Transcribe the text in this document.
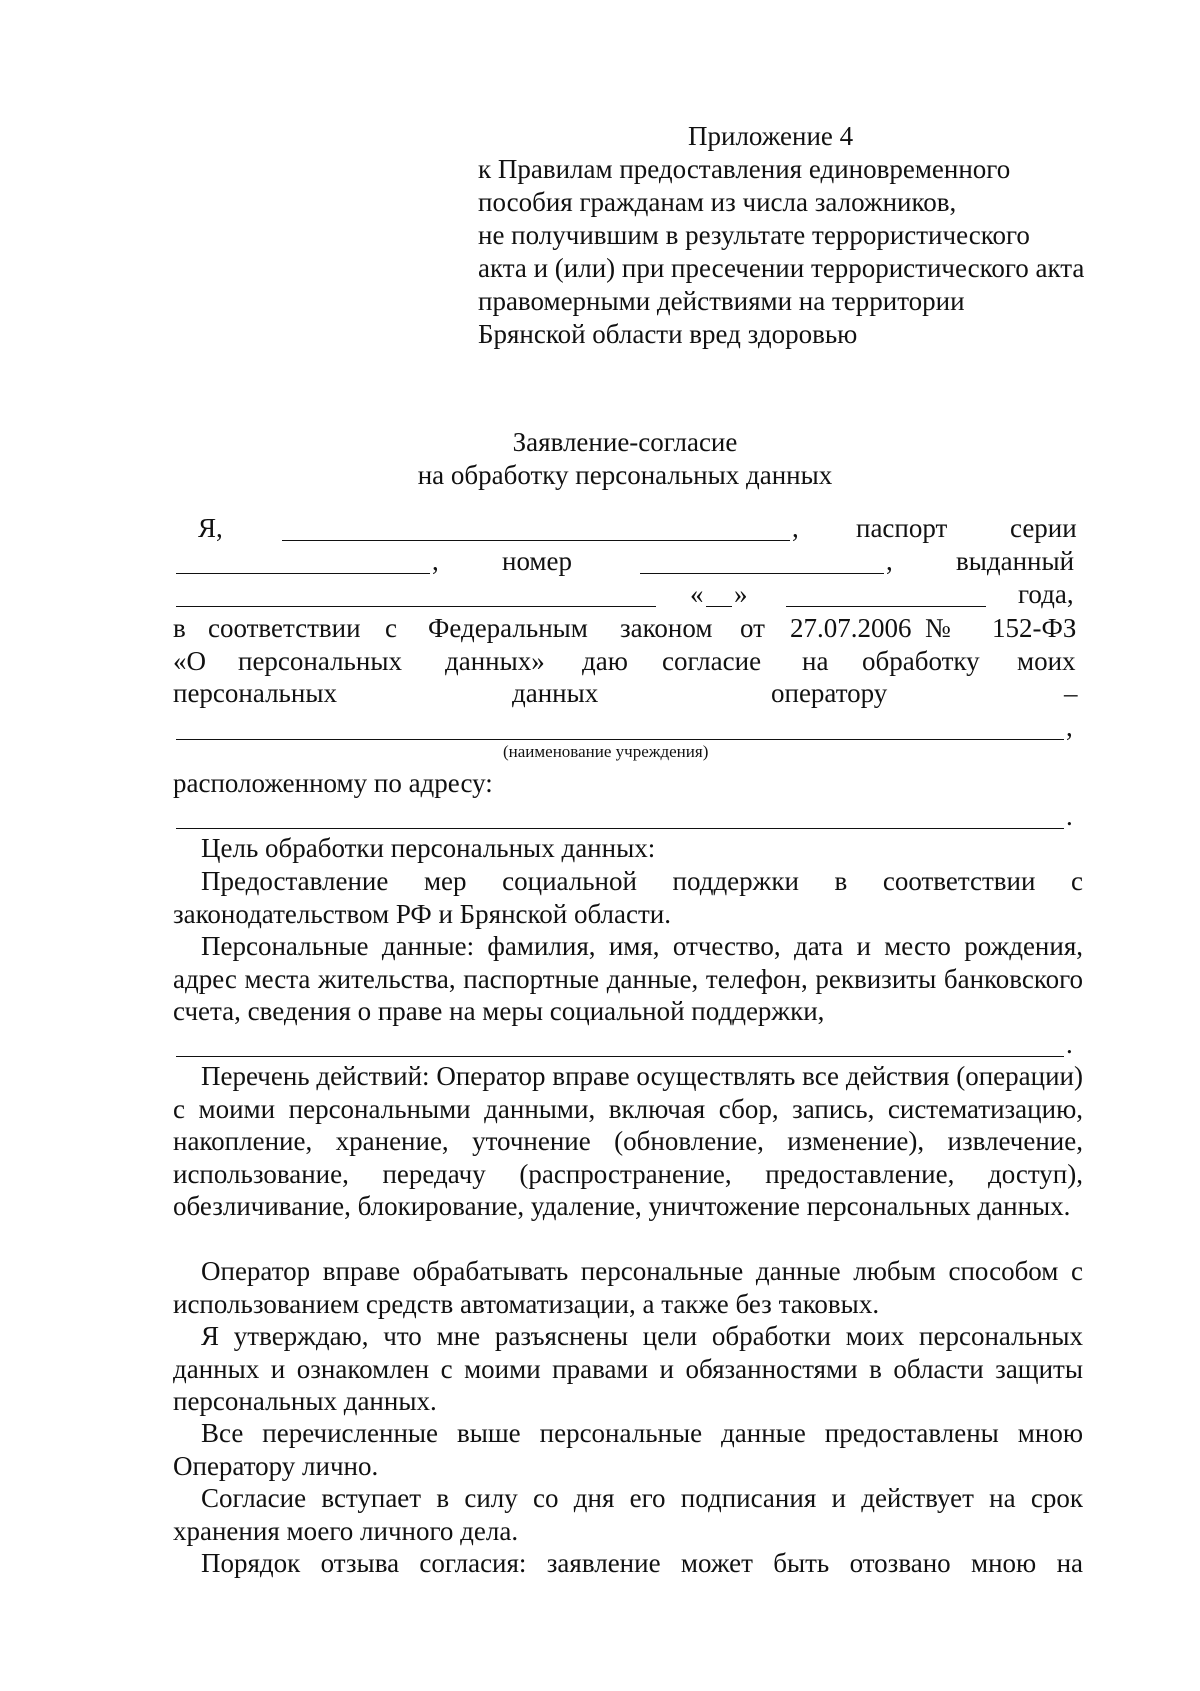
Приложение 4
к Правилам предоставления единовременного
пособия гражданам из числа заложников,
не получившим в результате террористического
акта и (или) при пресечении террористического акта
правомерными действиями на территории
Брянской области вред здоровью
Заявление-согласие
на обработку персональных данных
Я,	, паспорт серии
, номер	, выданный
« »	года,
в соответствии с Федеральным законом от 27.07.2006 № 152-ФЗ
«О персональных данных» даю согласие на обработку моих
персональных	данных	оператору	–
,
(наименование учреждения)
расположенному по адресу:
.
Цель обработки персональных данных:
Предоставление мер социальной поддержки в соответствии с законодательством РФ и Брянской области.
Персональные данные: фамилия, имя, отчество, дата и место рождения, адрес места жительства, паспортные данные, телефон, реквизиты банковского счета, сведения о праве на меры социальной поддержки,
.
Перечень действий: Оператор вправе осуществлять все действия (операции) с моими персональными данными, включая сбор, запись, систематизацию, накопление, хранение, уточнение (обновление, изменение), извлечение, использование, передачу (распространение, предоставление, доступ), обезличивание, блокирование, удаление, уничтожение персональных данных.
Оператор вправе обрабатывать персональные данные любым способом с использованием средств автоматизации, а также без таковых.
Я утверждаю, что мне разъяснены цели обработки моих персональных данных и ознакомлен с моими правами и обязанностями в области защиты персональных данных.
Все перечисленные выше персональные данные предоставлены мною Оператору лично.
Согласие вступает в силу со дня его подписания и действует на срок хранения моего личного дела.
Порядок отзыва согласия: заявление может быть отозвано мною на
